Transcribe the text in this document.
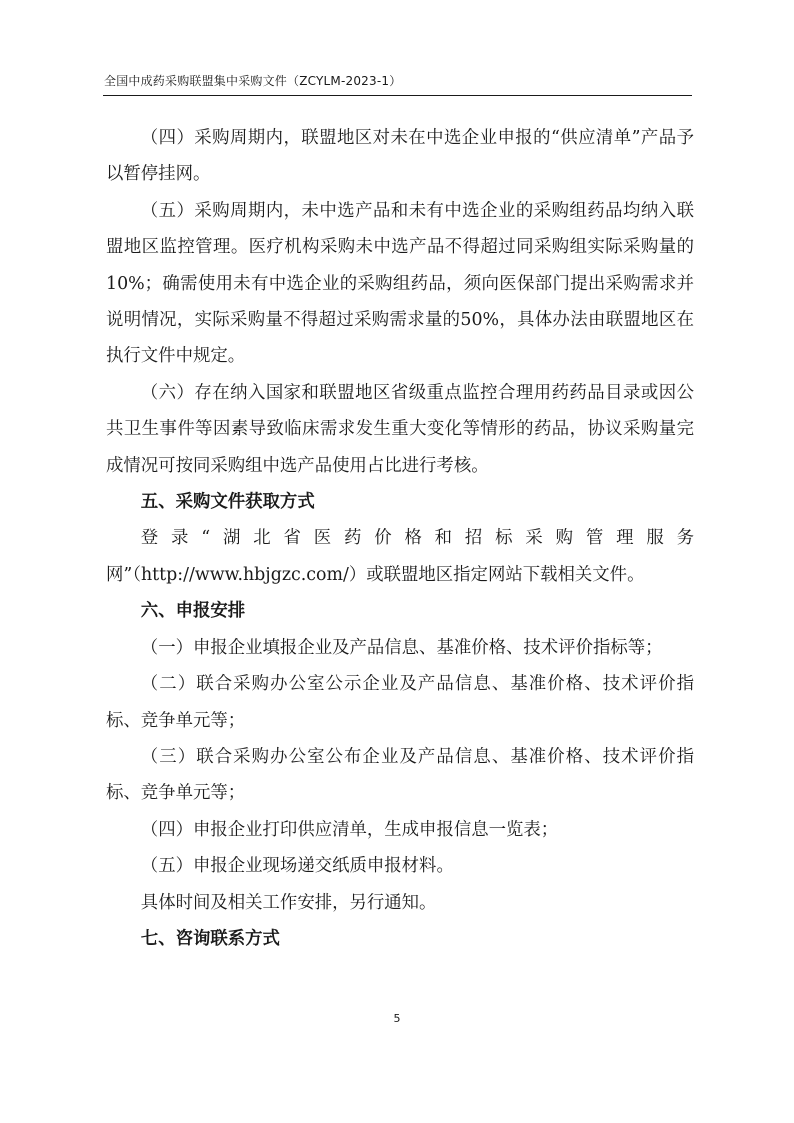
全国中成药采购联盟集中采购文件（ZCYLM-2023-1）

（四）采购周期内，联盟地区对未在中选企业申报的“供应清单”产品予以暂停挂网。

（五）采购周期内，未中选产品和未有中选企业的采购组药品均纳入联盟地区监控管理。医疗机构采购未中选产品不得超过同采购组实际采购量的10%；确需使用未有中选企业的采购组药品，须向医保部门提出采购需求并说明情况，实际采购量不得超过采购需求量的50%，具体办法由联盟地区在执行文件中规定。

（六）存在纳入国家和联盟地区省级重点监控合理用药药品目录或因公共卫生事件等因素导致临床需求发生重大变化等情形的药品，协议采购量完成情况可按同采购组中选产品使用占比进行考核。

五、采购文件获取方式

登录“湖北省医药价格和招标采购管理服务网”（http://www.hbjgzc.com/）或联盟地区指定网站下载相关文件。

六、申报安排

（一）申报企业填报企业及产品信息、基准价格、技术评价指标等；

（二）联合采购办公室公示企业及产品信息、基准价格、技术评价指标、竞争单元等；

（三）联合采购办公室公布企业及产品信息、基准价格、技术评价指标、竞争单元等；

（四）申报企业打印供应清单，生成申报信息一览表；

（五）申报企业现场递交纸质申报材料。

具体时间及相关工作安排，另行通知。

七、咨询联系方式

5
